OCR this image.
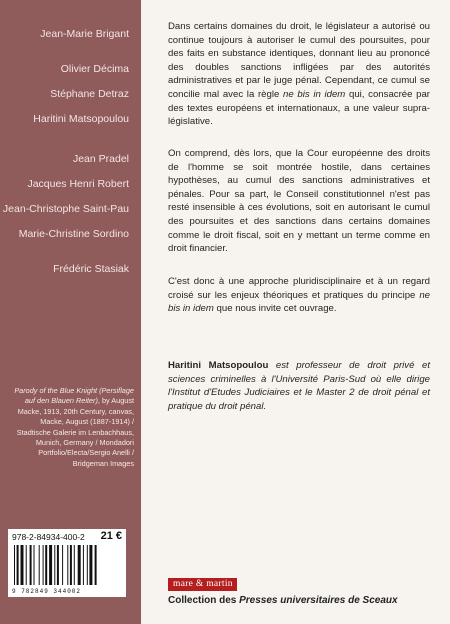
Jean-Marie Brigant
Olivier Décima
Stéphane Detraz
Haritini Matsopoulou
Jean Pradel
Jacques Henri Robert
Jean-Christophe Saint-Pau
Marie-Christine Sordino
Frédéric Stasiak
Parody of the Blue Knight (Persiflage auf den Blauen Reiter), by August Macke, 1913, 20th Century, canvas, Macke, August (1887-1914) / Stadtische Galerie im Lenbachhaus, Munich, Germany / Mondadori Portfolio/Electa/Sergio Anelli / Bridgeman Images
978-2-84934-400-2 21 €
9 782849 344002
Dans certains domaines du droit, le législateur a autorisé ou continue toujours à autoriser le cumul des poursuites, pour des faits en substance identiques, donnant lieu au prononcé des doubles sanctions infligées par des autorités administratives et par le juge pénal. Cependant, ce cumul se concilie mal avec la règle ne bis in idem qui, consacrée par des textes européens et internationaux, a une valeur supra-législative.
On comprend, dès lors, que la Cour européenne des droits de l'homme se soit montrée hostile, dans certaines hypothèses, au cumul des sanctions administratives et pénales. Pour sa part, le Conseil constitutionnel n'est pas resté insensible à ces évolutions, soit en autorisant le cumul des poursuites et des sanctions dans certains domaines comme le droit fiscal, soit en y mettant un terme comme en droit financier.
C'est donc à une approche pluridisciplinaire et à un regard croisé sur les enjeux théoriques et pratiques du principe ne bis in idem que nous invite cet ouvrage.
Haritini Matsopoulou est professeur de droit privé et sciences criminelles à l'Université Paris-Sud où elle dirige l'Institut d'Etudes Judiciaires et le Master 2 de droit pénal et pratique du droit pénal.
mare & martin
Collection des Presses universitaires de Sceaux
